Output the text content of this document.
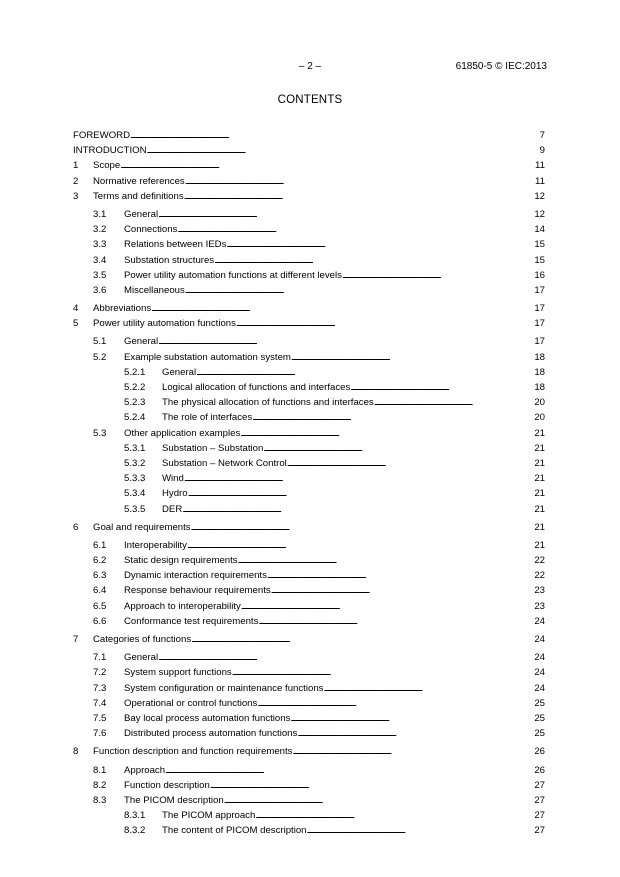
– 2 –	61850-5 © IEC:2013
CONTENTS
FOREWORD . . .	7
INTRODUCTION . . .	9
1 Scope . . .	11
2 Normative references . . .	11
3 Terms and definitions . . .	12
3.1 General . . .	12
3.2 Connections . . .	14
3.3 Relations between IEDs . . .	15
3.4 Substation structures . . .	15
3.5 Power utility automation functions at different levels . . .	16
3.6 Miscellaneous . . .	17
4 Abbreviations . . .	17
5 Power utility automation functions . . .	17
5.1 General . . .	17
5.2 Example substation automation system . . .	18
5.2.1 General . . .	18
5.2.2 Logical allocation of functions and interfaces . . .	18
5.2.3 The physical allocation of functions and interfaces . . .	20
5.2.4 The role of interfaces . . .	20
5.3 Other application examples . . .	21
5.3.1 Substation – Substation . . .	21
5.3.2 Substation – Network Control . . .	21
5.3.3 Wind . . .	21
5.3.4 Hydro . . .	21
5.3.5 DER . . .	21
6 Goal and requirements . . .	21
6.1 Interoperability . . .	21
6.2 Static design requirements . . .	22
6.3 Dynamic interaction requirements . . .	22
6.4 Response behaviour requirements . . .	23
6.5 Approach to interoperability . . .	23
6.6 Conformance test requirements . . .	24
7 Categories of functions . . .	24
7.1 General . . .	24
7.2 System support functions . . .	24
7.3 System configuration or maintenance functions . . .	24
7.4 Operational or control functions . . .	25
7.5 Bay local process automation functions . . .	25
7.6 Distributed process automation functions . . .	25
8 Function description and function requirements . . .	26
8.1 Approach . . .	26
8.2 Function description . . .	27
8.3 The PICOM description . . .	27
8.3.1 The PICOM approach . . .	27
8.3.2 The content of PICOM description . . .	27
